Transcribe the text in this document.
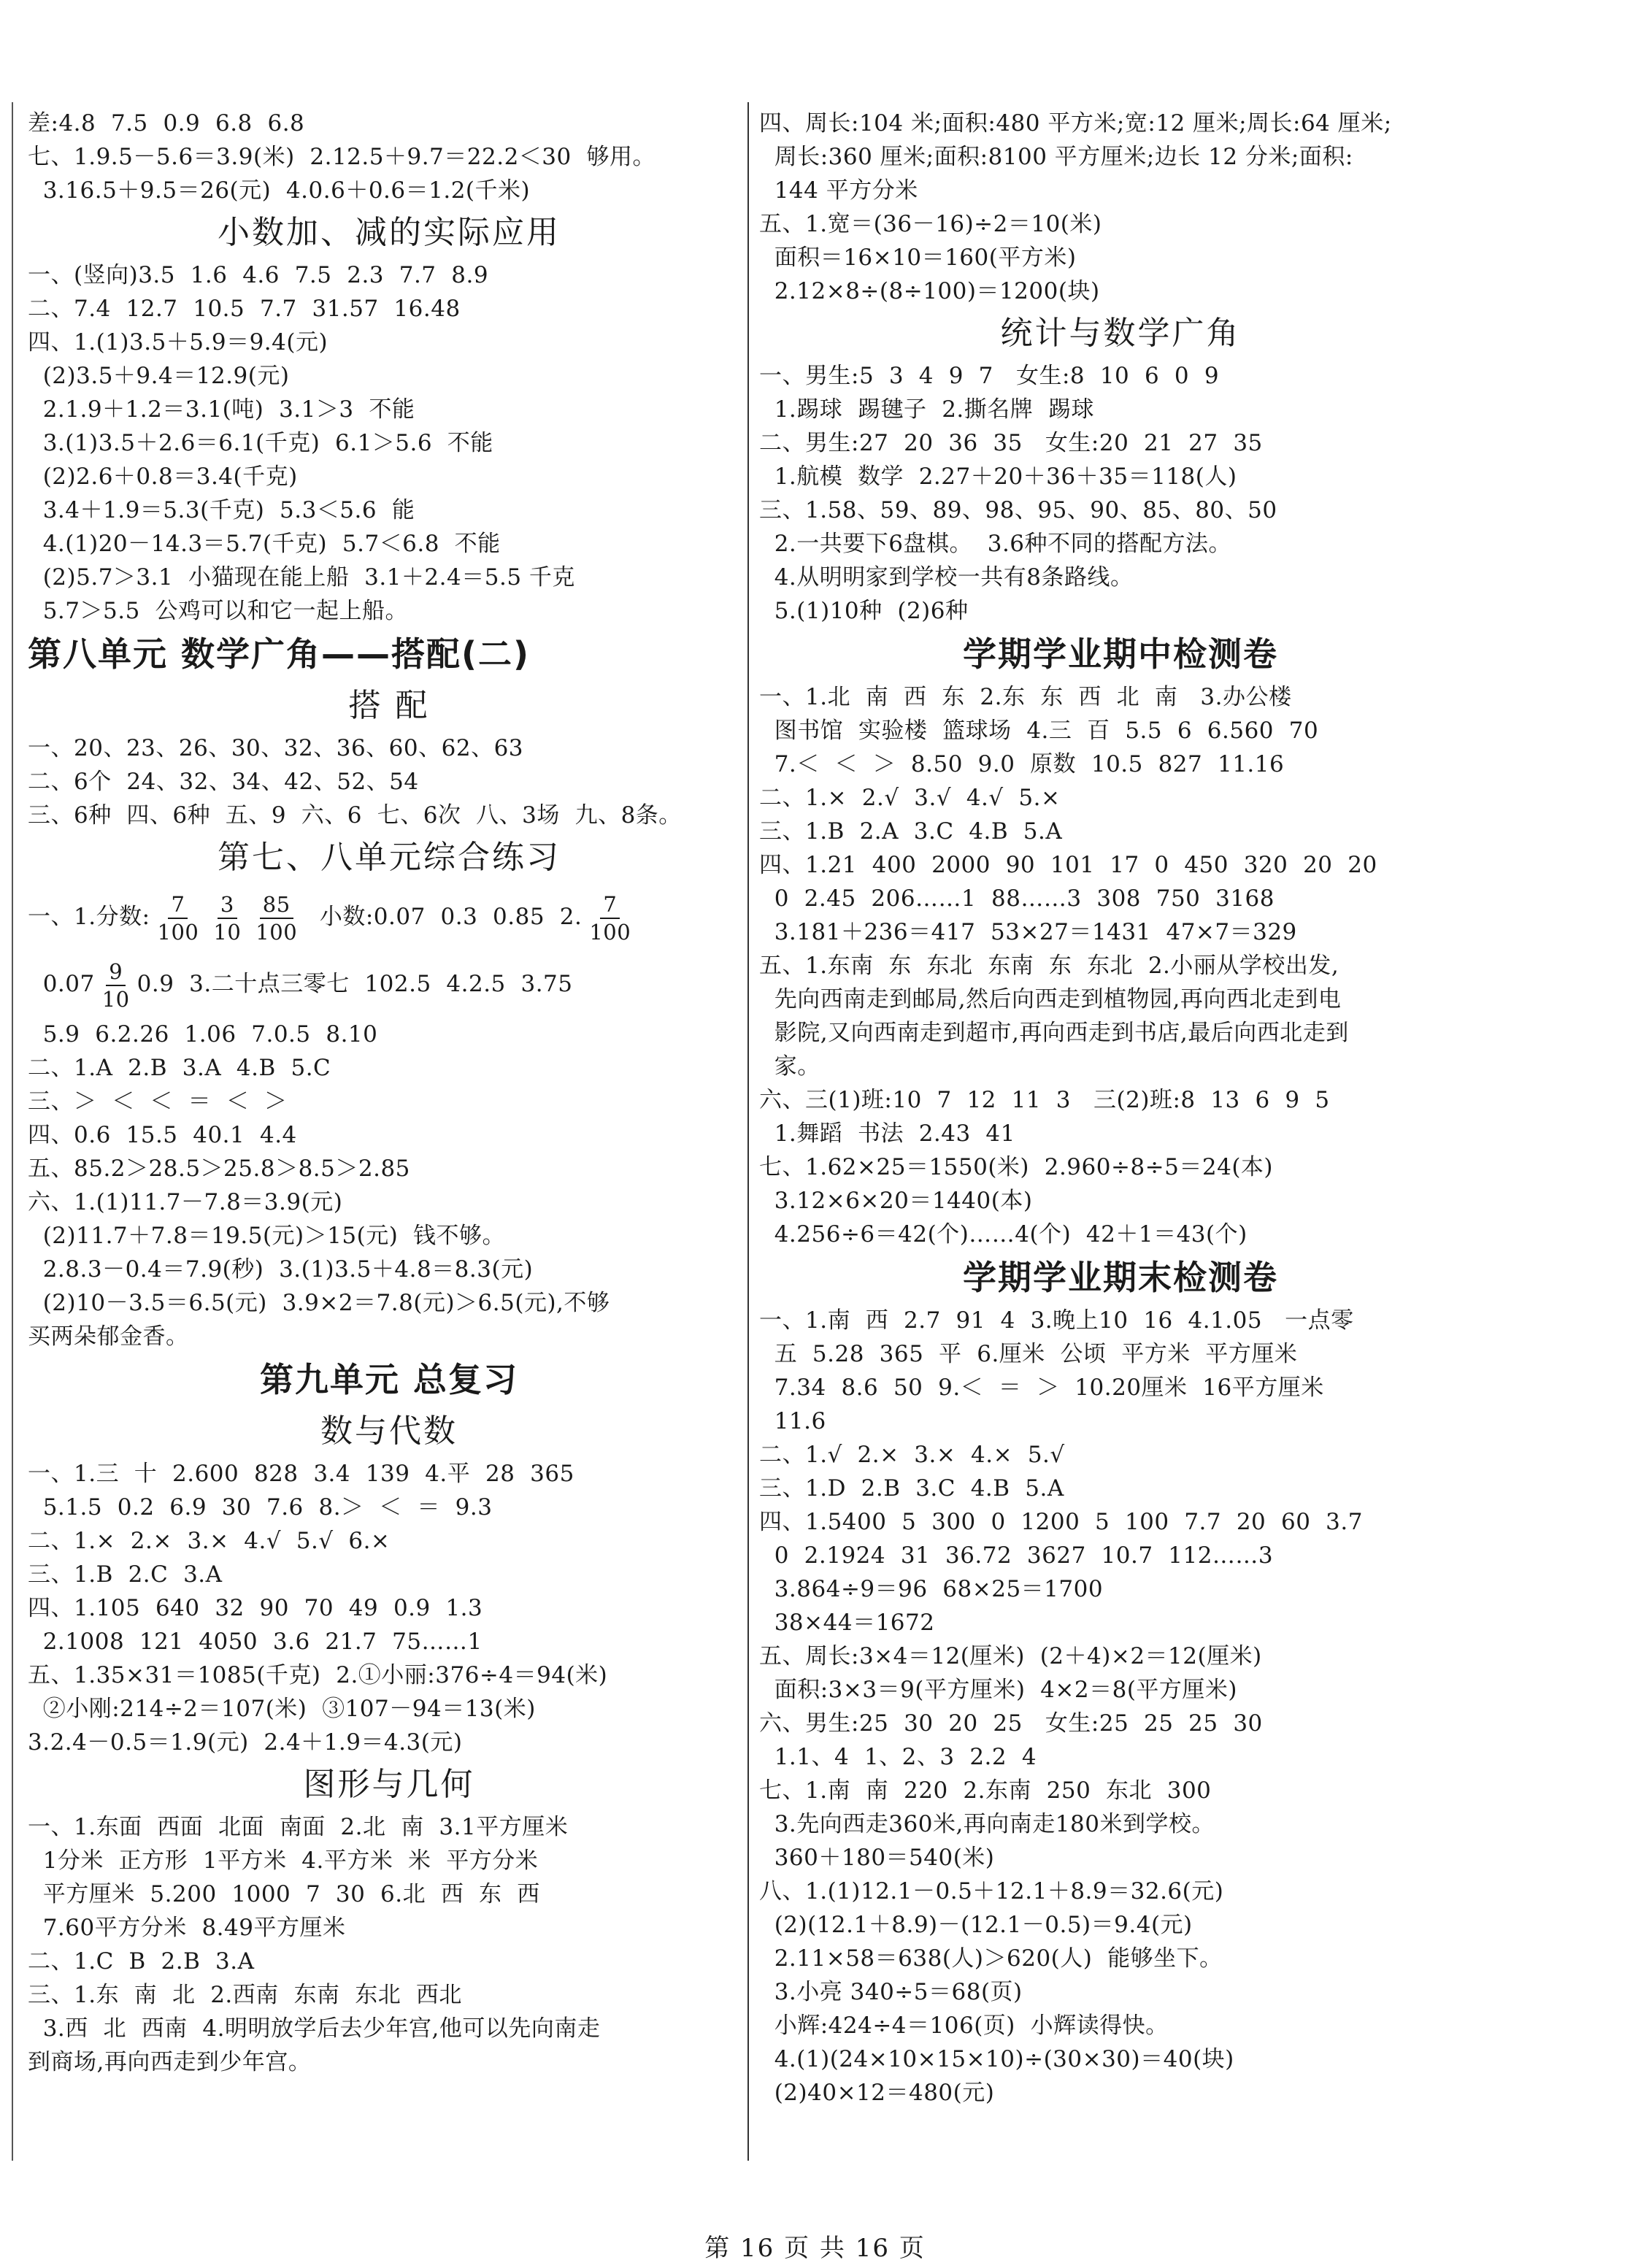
差:4.8  7.5  0.9  6.8  6.8
七、1.9.5－5.6＝3.9(米)  2.12.5＋9.7＝22.2＜30  够用。
3.16.5＋9.5＝26(元)  4.0.6＋0.6＝1.2(千米)
小数加、减的实际应用
一、(竖向)3.5  1.6  4.6  7.5  2.3  7.7  8.9
二、7.4  12.7  10.5  7.7  31.57  16.48
四、1.(1)3.5＋5.9＝9.4(元)
(2)3.5＋9.4＝12.9(元)
2.1.9＋1.2＝3.1(吨)  3.1＞3  不能
3.(1)3.5＋2.6＝6.1(千克)  6.1＞5.6  不能
(2)2.6＋0.8＝3.4(千克)
3.4＋1.9＝5.3(千克)  5.3＜5.6  能
4.(1)20－14.3＝5.7(千克)  5.7＜6.8  不能
(2)5.7＞3.1  小猫现在能上船  3.1＋2.4＝5.5 千克
5.7＞5.5  公鸡可以和它一起上船。
第八单元 数学广角——搭配(二)
搭 配
一、20、23、26、30、32、36、60、62、63
二、6个  24、32、34、42、52、54
三、6种  四、6种  五、9  六、6  七、6次  八、3场  九、8条。
第七、八单元综合练习
一、1.分数: $\frac{7}{100} \frac{3}{10} \frac{85}{100}$ 小数:0.07  0.3  0.85  2. $\frac{7}{100}$
$0.07 \frac{9}{10} 0.9$  3.二十点三零七  102.5  4.2.5  3.75
5.9  6.2.26  1.06  7.0.5  8.10
二、1.A  2.B  3.A  4.B  5.C
三、＞  ＜  ＜  ＝  ＜  ＞
四、0.6  15.5  40.1  4.4
五、85.2＞28.5＞25.8＞8.5＞2.85
六、1.(1)11.7－7.8＝3.9(元)
(2)11.7＋7.8＝19.5(元)＞15(元)  钱不够。
2.8.3－0.4＝7.9(秒)  3.(1)3.5＋4.8＝8.3(元)
(2)10－3.5＝6.5(元)  3.9×2＝7.8(元)＞6.5(元),不够
买两朵郁金香。
第九单元 总复习
数与代数
一、1.三  十  2.600  828  3.4  139  4.平  28  365
5.1.5  0.2  6.9  30  7.6  8.＞  ＜  ＝  9.3
二、1.×  2.×  3.×  4.√  5.√  6.×
三、1.B  2.C  3.A
四、1.105  640  32  90  70  49  0.9  1.3
2.1008  121  4050  3.6  21.7  75……1
五、1.35×31＝1085(千克)  2.①小丽:376÷4＝94(米)
②小刚:214÷2＝107(米)  ③107－94＝13(米)
3.2.4－0.5＝1.9(元)  2.4＋1.9＝4.3(元)
图形与几何
一、1.东面  西面  北面  南面  2.北  南  3.1平方厘米
1分米  正方形  1平方米  4.平方米  米  平方分米
平方厘米  5.200  1000  7  30  6.北  西  东  西
7.60平方分米  8.49平方厘米
二、1.C  B  2.B  3.A
三、1.东  南  北  2.西南  东南  东北  西北
3.西  北  西南  4.明明放学后去少年宫,他可以先向南走
到商场,再向西走到少年宫。
四、周长:104 米;面积:480 平方米;宽:12 厘米;周长:64 厘米;
周长:360 厘米;面积:8100 平方厘米;边长 12 分米;面积:
144 平方分米
五、1.宽＝(36－16)÷2＝10(米)
面积＝16×10＝160(平方米)
2.12×8÷(8÷100)＝1200(块)
统计与数学广角
一、男生:5  3  4  9  7   女生:8  10  6  0  9
1.踢球  踢毽子  2.撕名牌  踢球
二、男生:27  20  36  35   女生:20  21  27  35
1.航模  数学  2.27＋20＋36＋35＝118(人)
三、1.58、59、89、98、95、90、85、80、50
2.一共要下6盘棋。  3.6种不同的搭配方法。
4.从明明家到学校一共有8条路线。
5.(1)10种  (2)6种
学期学业期中检测卷
一、1.北  南  西  东  2.东  东  西  北  南   3.办公楼
图书馆  实验楼  篮球场  4.三  百  5.5  6  6.560  70
7.＜  ＜  ＞  8.50  9.0  原数  10.5  827  11.16
二、1.×  2.√  3.√  4.√  5.×
三、1.B  2.A  3.C  4.B  5.A
四、1.21  400  2000  90  101  17  0  450  320  20  20
0  2.45  206……1  88……3  308  750  3168
3.181＋236＝417  53×27＝1431  47×7＝329
五、1.东南  东  东北  东南  东  东北  2.小丽从学校出发,
先向西南走到邮局,然后向西走到植物园,再向西北走到电
影院,又向西南走到超市,再向西走到书店,最后向西北走到
家。
六、三(1)班:10  7  12  11  3   三(2)班:8  13  6  9  5
1.舞蹈  书法  2.43  41
七、1.62×25＝1550(米)  2.960÷8÷5＝24(本)
3.12×6×20＝1440(本)
4.256÷6＝42(个)……4(个)  42＋1＝43(个)
学期学业期末检测卷
一、1.南  西  2.7  91  4  3.晚上10  16  4.1.05   一点零
五  5.28  365  平  6.厘米  公顷  平方米  平方厘米
7.34  8.6  50  9.＜  ＝  ＞  10.20厘米  16平方厘米
11.6
二、1.√  2.×  3.×  4.×  5.√
三、1.D  2.B  3.C  4.B  5.A
四、1.5400  5  300  0  1200  5  100  7.7  20  60  3.7
0  2.1924  31  36.72  3627  10.7  112……3
3.864÷9＝96  68×25＝1700
38×44＝1672
五、周长:3×4＝12(厘米)  (2＋4)×2＝12(厘米)
面积:3×3＝9(平方厘米)  4×2＝8(平方厘米)
六、男生:25  30  20  25   女生:25  25  25  30
1.1、4  1、2、3  2.2  4
七、1.南  南  220  2.东南  250  东北  300
3.先向西走360米,再向南走180米到学校。
360＋180＝540(米)
八、1.(1)12.1－0.5＋12.1＋8.9＝32.6(元)
(2)(12.1＋8.9)－(12.1－0.5)＝9.4(元)
2.11×58＝638(人)＞620(人)  能够坐下。
3.小亮 340÷5＝68(页)
小辉:424÷4＝106(页)  小辉读得快。
4.(1)(24×10×15×10)÷(30×30)＝40(块)
(2)40×12＝480(元)
第 16 页 共 16 页
